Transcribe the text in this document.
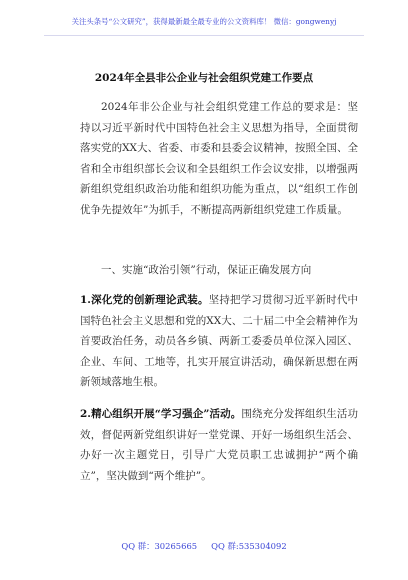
关注头条号“公文研究”，获得最新最全最专业的公文资料库！ 微信：gongwenyj
2024年全县非公企业与社会组织党建工作要点
2024年非公企业与社会组织党建工作总的要求是：坚持以习近平新时代中国特色社会主义思想为指导，全面贯彻落实党的XX大、省委、市委和县委会议精神，按照全国、全省和全市组织部长会议和全县组织工作会议安排，以增强两新组织党组织政治功能和组织功能为重点，以“组织工作创优争先提效年”为抓手，不断提高两新组织党建工作质量。
一、实施“政治引领”行动，保证正确发展方向
1.深化党的创新理论武装。坚持把学习贯彻习近平新时代中国特色社会主义思想和党的XX大、二十届二中全会精神作为首要政治任务，动员各乡镇、两新工委委员单位深入园区、企业、车间、工地等，扎实开展宣讲活动，确保新思想在两新领域落地生根。
2.精心组织开展“学习强企”活动。围绕充分发挥组织生活功效，督促两新党组织讲好一堂党课、开好一场组织生活会、办好一次主题党日，引导广大党员职工忠诚拥护“两个确立”，坚决做到“两个维护”。
QQ 群：30265665 QQ 群:535304092
